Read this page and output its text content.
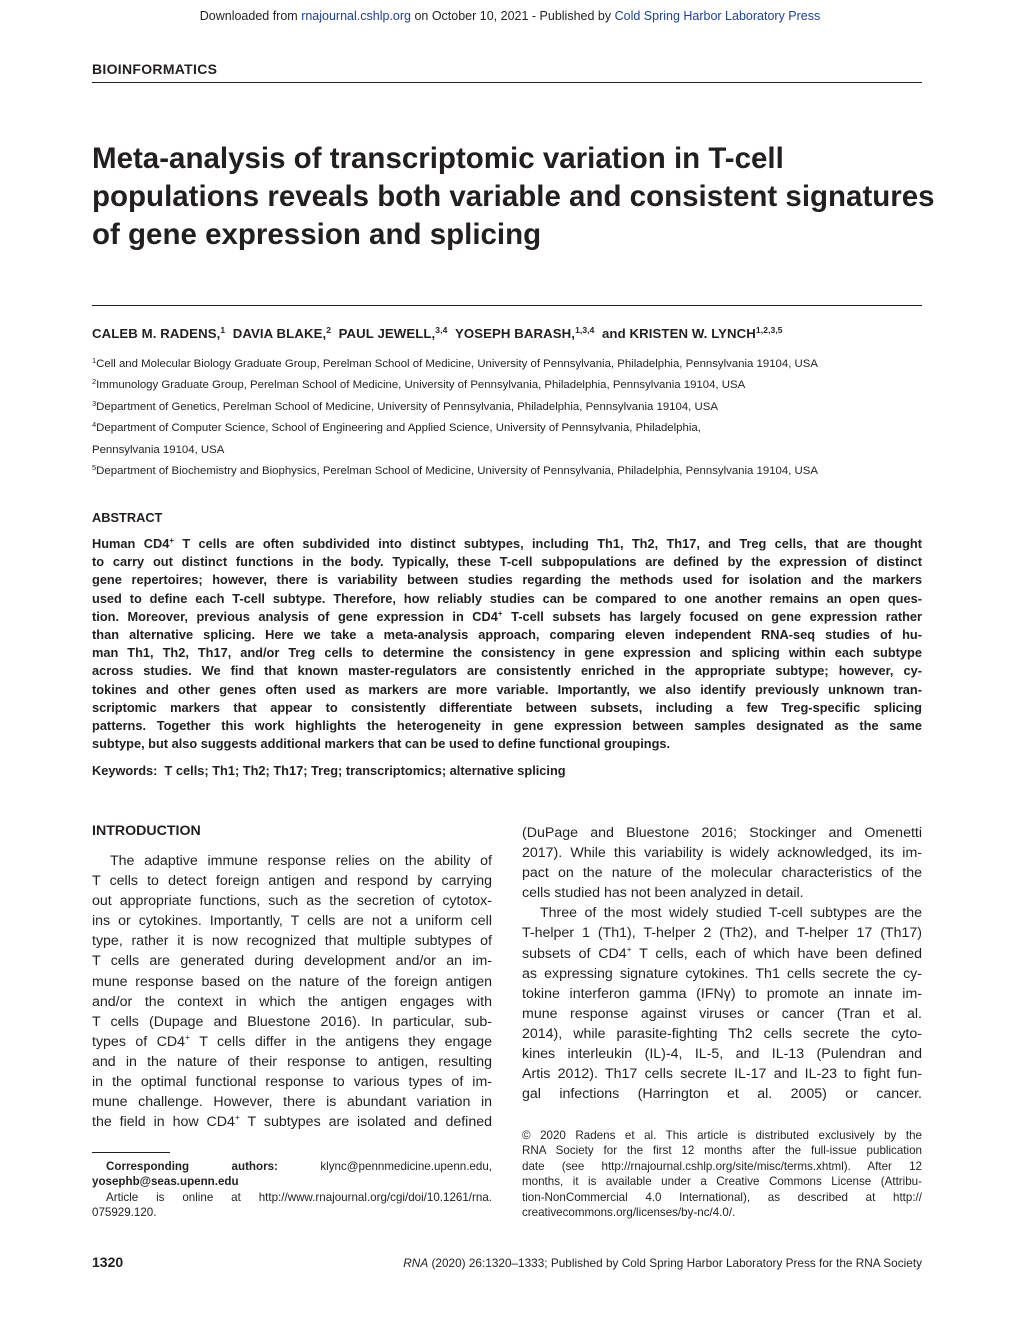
Downloaded from rnajournal.cshlp.org on October 10, 2021 - Published by Cold Spring Harbor Laboratory Press
BIOINFORMATICS
Meta-analysis of transcriptomic variation in T-cell
populations reveals both variable and consistent signatures
of gene expression and splicing
CALEB M. RADENS,$^1$ DAVIA BLAKE,$^2$ PAUL JEWELL,$^{3,4}$ YOSEPH BARASH,$^{1,3,4}$ and KRISTEN W. LYNCH$^{1,2,3,5}$

$^1$Cell and Molecular Biology Graduate Group, Perelman School of Medicine, University of Pennsylvania, Philadelphia, Pennsylvania 19104, USA

$^2$Immunology Graduate Group, Perelman School of Medicine, University of Pennsylvania, Philadelphia, Pennsylvania 19104, USA

$^3$Department of Genetics, Perelman School of Medicine, University of Pennsylvania, Philadelphia, Pennsylvania 19104, USA

$^4$Department of Computer Science, School of Engineering and Applied Science, University of Pennsylvania, Philadelphia,

Pennsylvania 19104, USA

$^5$Department of Biochemistry and Biophysics, Perelman School of Medicine, University of Pennsylvania, Philadelphia, Pennsylvania 19104, USA

ABSTRACT

Human CD4+ T cells are often subdivided into distinct subtypes, including Th1, Th2, Th17, and Treg cells, that are thought

to carry out distinct functions in the body. Typically, these T-cell subpopulations are defined by the expression of distinct

gene repertoires; however, there is variability between studies regarding the methods used for isolation and the markers

used to define each T-cell subtype. Therefore, how reliably studies can be compared to one another remains an open ques-

tion. Moreover, previous analysis of gene expression in CD4+ T-cell subsets has largely focused on gene expression rather

than alternative splicing. Here we take a meta-analysis approach, comparing eleven independent RNA-seq studies of hu-

man Th1, Th2, Th17, and/or Treg cells to determine the consistency in gene expression and splicing within each subtype

across studies. We find that known master-regulators are consistently enriched in the appropriate subtype; however, cy-

tokines and other genes often used as markers are more variable. Importantly, we also identify previously unknown tran-

scriptomic markers that appear to consistently differentiate between subsets, including a few Treg-specific splicing

patterns. Together this work highlights the heterogeneity in gene expression between samples designated as the same

subtype, but also suggests additional markers that can be used to define functional groupings.

Keywords: T cells; Th1; Th2; Th17; Treg; transcriptomics; alternative splicing
INTRODUCTION

The adaptive immune response relies on the ability of

T cells to detect foreign antigen and respond by carrying

out appropriate functions, such as the secretion of cytotox-

ins or cytokines. Importantly, T cells are not a uniform cell

type, rather it is now recognized that multiple subtypes of

T cells are generated during development and/or an im-

mune response based on the nature of the foreign antigen

and/or the context in which the antigen engages with

T cells (Dupage and Bluestone 2016). In particular, sub-

types of CD4+ T cells differ in the antigens they engage

and in the nature of their response to antigen, resulting

in the optimal functional response to various types of im-

mune challenge. However, there is abundant variation in

the field in how CD4+ T subtypes are isolated and defined

(DuPage and Bluestone 2016; Stockinger and Omenetti

2017). While this variability is widely acknowledged, its im-

pact on the nature of the molecular characteristics of the

cells studied has not been analyzed in detail.

Three of the most widely studied T-cell subtypes are the

T-helper 1 (Th1), T-helper 2 (Th2), and T-helper 17 (Th17)

subsets of CD4+ T cells, each of which have been defined

as expressing signature cytokines. Th1 cells secrete the cy-

tokine interferon gamma (IFNγ) to promote an innate im-

mune response against viruses or cancer (Tran et al.

2014), while parasite-fighting Th2 cells secrete the cyto-

kines interleukin (IL)-4, IL-5, and IL-13 (Pulendran and

Artis 2012). Th17 cells secrete IL-17 and IL-23 to fight fun-

gal infections (Harrington et al. 2005) or cancer.

Corresponding authors:	klync@pennmedicine.upenn.edu,

yosephb@seas.upenn.edu

Article is online at http://www.rnajournal.org/cgi/doi/10.1261/rna.

075929.120.

© 2020 Radens et al. This article is distributed exclusively by the

RNA Society for the first 12 months after the full-issue publication

date (see http://rnajournal.cshlp.org/site/misc/terms.xhtml). After 12

months, it is available under a Creative Commons License (Attribu-

tion-NonCommercial 4.0 International), as described at http://

creativecommons.org/licenses/by-nc/4.0/.

1320	RNA (2020) 26:1320–1333; Published by Cold Spring Harbor Laboratory Press for the RNA Society
